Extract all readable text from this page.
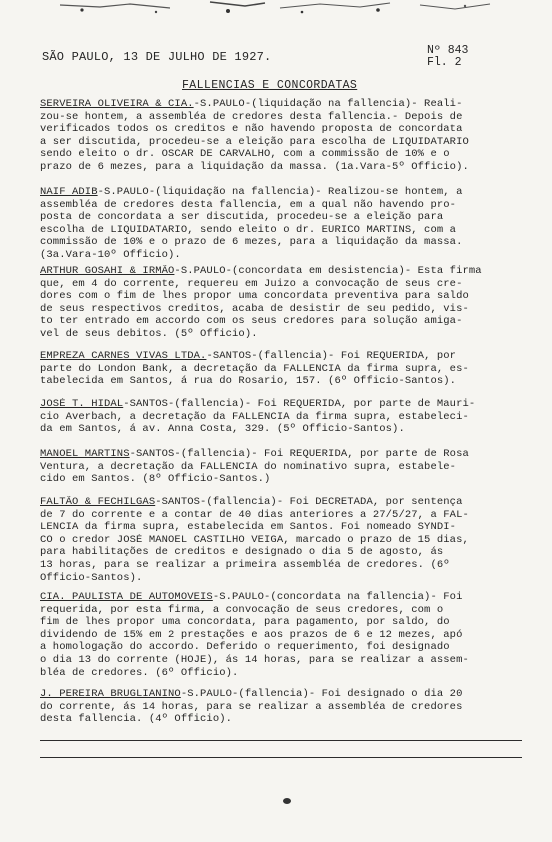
SÃO PAULO, 13 DE JULHO DE 1927.	Nº 843
Fl. 2
FALLENCIAS E CONCORDATAS
SERVEIRA OLIVEIRA & CIA.-S.PAULO-(liquidação na fallencia)- Reali-
zou-se hontem, a assembléa de credores desta fallencia.- Depois de
verificados todos os creditos e não havendo proposta de concordata
a ser discutida, procedeu-se a eleição para escolha de LIQUIDATARIO
sendo eleito o dr. OSCAR DE CARVALHO, com a commissão de 10% e o
prazo de 6 mezes, para a liquidação da massa. (1a.Vara-5º Officio).
NAIF ADIB-S.PAULO-(liquidação na fallencia)- Realizou-se hontem, a
assembléa de credores desta fallencia, em a qual não havendo pro-
posta de concordata a ser discutida, procedeu-se a eleição para
escolha de LIQUIDATARIO, sendo eleito o dr. EURICO MARTINS, com a
commissão de 10% e o prazo de 6 mezes, para a liquidação da massa.
(3a.Vara-10º Officio).
ARTHUR GOSAHI & IRMÃO-S.PAULO-(concordata em desistencia)- Esta firma
que, em 4 do corrente, requereu em Juizo a convocação de seus cre-
dores com o fim de lhes propor uma concordata preventiva para saldo
de seus respectivos creditos, acaba de desistir de seu pedido, vis-
to ter entrado em accordo com os seus credores para solução amiga-
vel de seus debitos. (5º Officio).
EMPREZA CARNES VIVAS LTDA.-SANTOS-(fallencia)- Foi REQUERIDA, por
parte do London Bank, a decretação da FALLENCIA da firma supra, es-
tabelecida em Santos, á rua do Rosario, 157. (6º Officio-Santos).
JOSÉ T. HIDAL-SANTOS-(fallencia)- Foi REQUERIDA, por parte de Mauri-
cio Averbach, a decretação da FALLENCIA da firma supra, estabeleci-
da em Santos, á av. Anna Costa, 329. (5º Officio-Santos).
MANOEL MARTINS-SANTOS-(fallencia)- Foi REQUERIDA, por parte de Rosa
Ventura, a decretação da FALLENCIA do nominativo supra, estabele-
cido em Santos. (8º Officio-Santos.)
FALTÃO & FECHILGAS-SANTOS-(fallencia)- Foi DECRETADA, por sentença
de 7 do corrente e a contar de 40 dias anteriores a 27/5/27, a FAL-
LENCIA da firma supra, estabelecida em Santos. Foi nomeado SYNDI-
CO o credor JOSÉ MANOEL CASTILHO VEIGA, marcado o prazo de 15 dias,
para habilitações de creditos e designado o dia 5 de agosto, ás
13 horas, para se realizar a primeira assembléa de credores. (6º
Officio-Santos).
CIA. PAULISTA DE AUTOMOVEIS-S.PAULO-(concordata na fallencia)- Foi
requerida, por esta firma, a convocação de seus credores, com o
fim de lhes propor uma concordata, para pagamento, por saldo, do
dividendo de 15% em 2 prestações e aos prazos de 6 e 12 mezes, apó
a homologação do accordo. Deferido o requerimento, foi designado
o dia 13 do corrente (HOJE), ás 14 horas, para se realizar a assem-
bléa de credores. (6º Officio).
J. PEREIRA BRUGLIANINO-S.PAULO-(fallencia)- Foi designado o dia 20
do corrente, ás 14 horas, para se realizar a assembléa de credores
desta fallencia. (4º Officio).
